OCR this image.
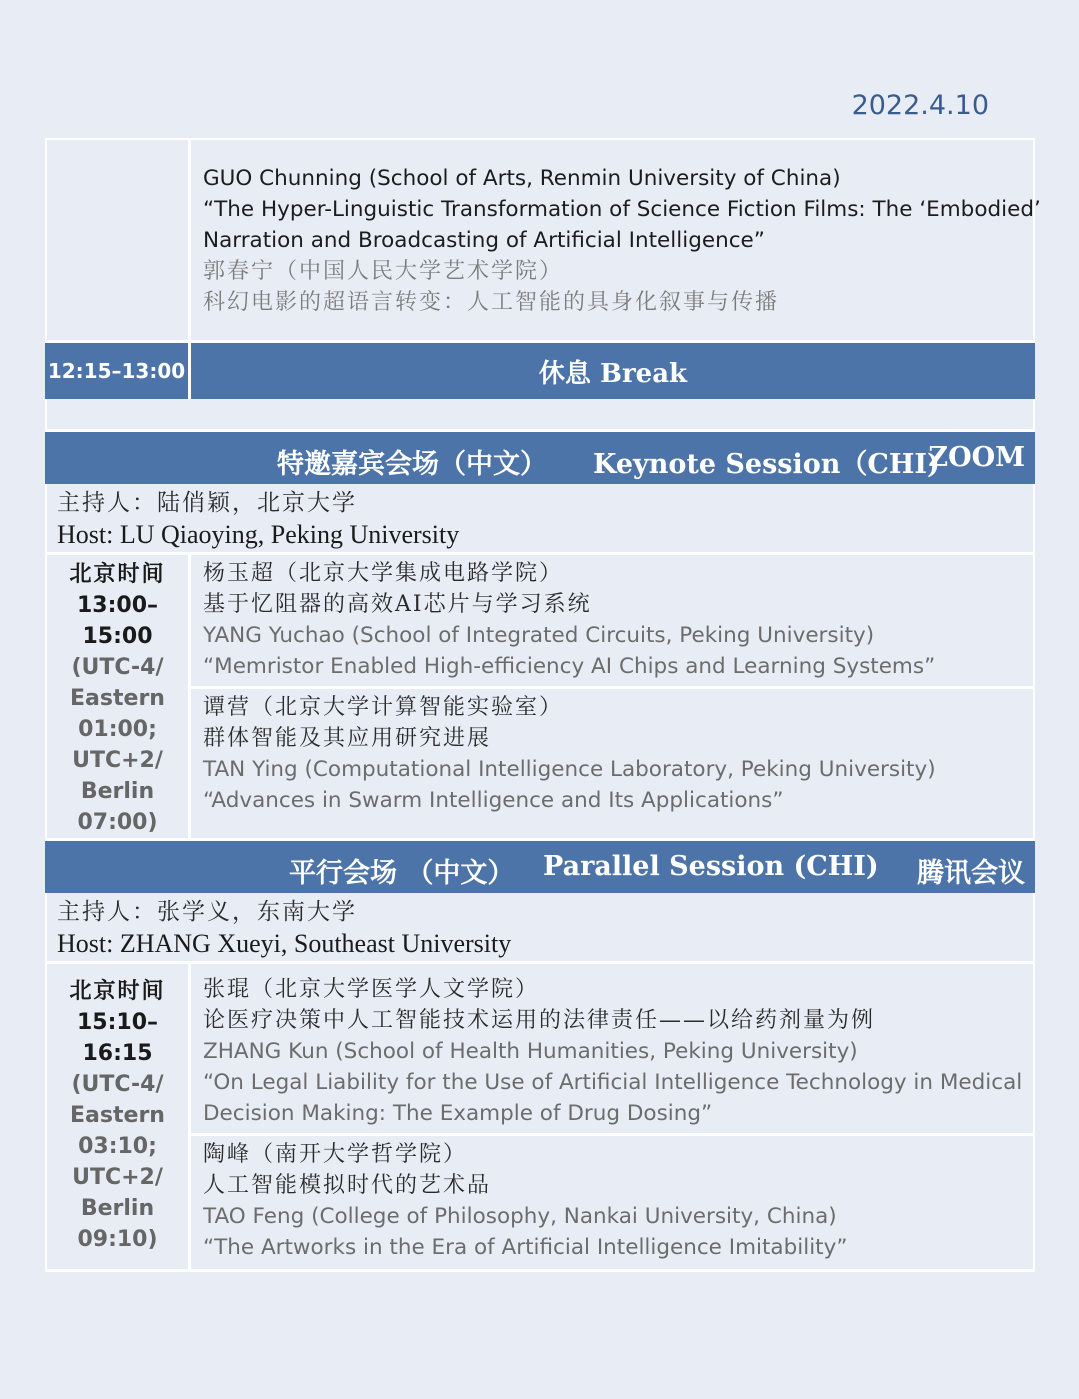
2022.4.10
GUO Chunning (School of Arts, Renmin University of China)
“The Hyper-Linguistic Transformation of Science Fiction Films: The ‘Embodied’
Narration and Broadcasting of Artificial Intelligence”
郭春宁（中国人民大学艺术学院）
科幻电影的超语言转变：人工智能的具身化叙事与传播
12:15–13:00	休息 Break
特邀嘉宾会场（中文） Keynote Session（CHI)
ZOOM
主持人：陆俏颖，北京大学
Host: LU Qiaoying, Peking University
北京时间
13:00–
15:00
(UTC-4/
Eastern
01:00;
UTC+2/
Berlin
07:00)
杨玉超（北京大学集成电路学院）
基于忆阻器的高效AI芯片与学习系统
YANG Yuchao (School of Integrated Circuits, Peking University)
“Memristor Enabled High-efficiency AI Chips and Learning Systems”
谭营（北京大学计算智能实验室）
群体智能及其应用研究进展
TAN Ying (Computational Intelligence Laboratory, Peking University)
“Advances in Swarm Intelligence and Its Applications”
平行会场 （中文） Parallel Session (CHI) 腾讯会议
主持人：张学义，东南大学
Host: ZHANG Xueyi, Southeast University
北京时间
15:10–
16:15
(UTC-4/
Eastern
03:10;
UTC+2/
Berlin
09:10)
张琨（北京大学医学人文学院）
论医疗决策中人工智能技术运用的法律责任——以给药剂量为例
ZHANG Kun (School of Health Humanities, Peking University)
“On Legal Liability for the Use of Artificial Intelligence Technology in Medical
Decision Making: The Example of Drug Dosing”
陶峰（南开大学哲学院）
人工智能模拟时代的艺术品
TAO Feng (College of Philosophy, Nankai University, China)
“The Artworks in the Era of Artificial Intelligence Imitability”
